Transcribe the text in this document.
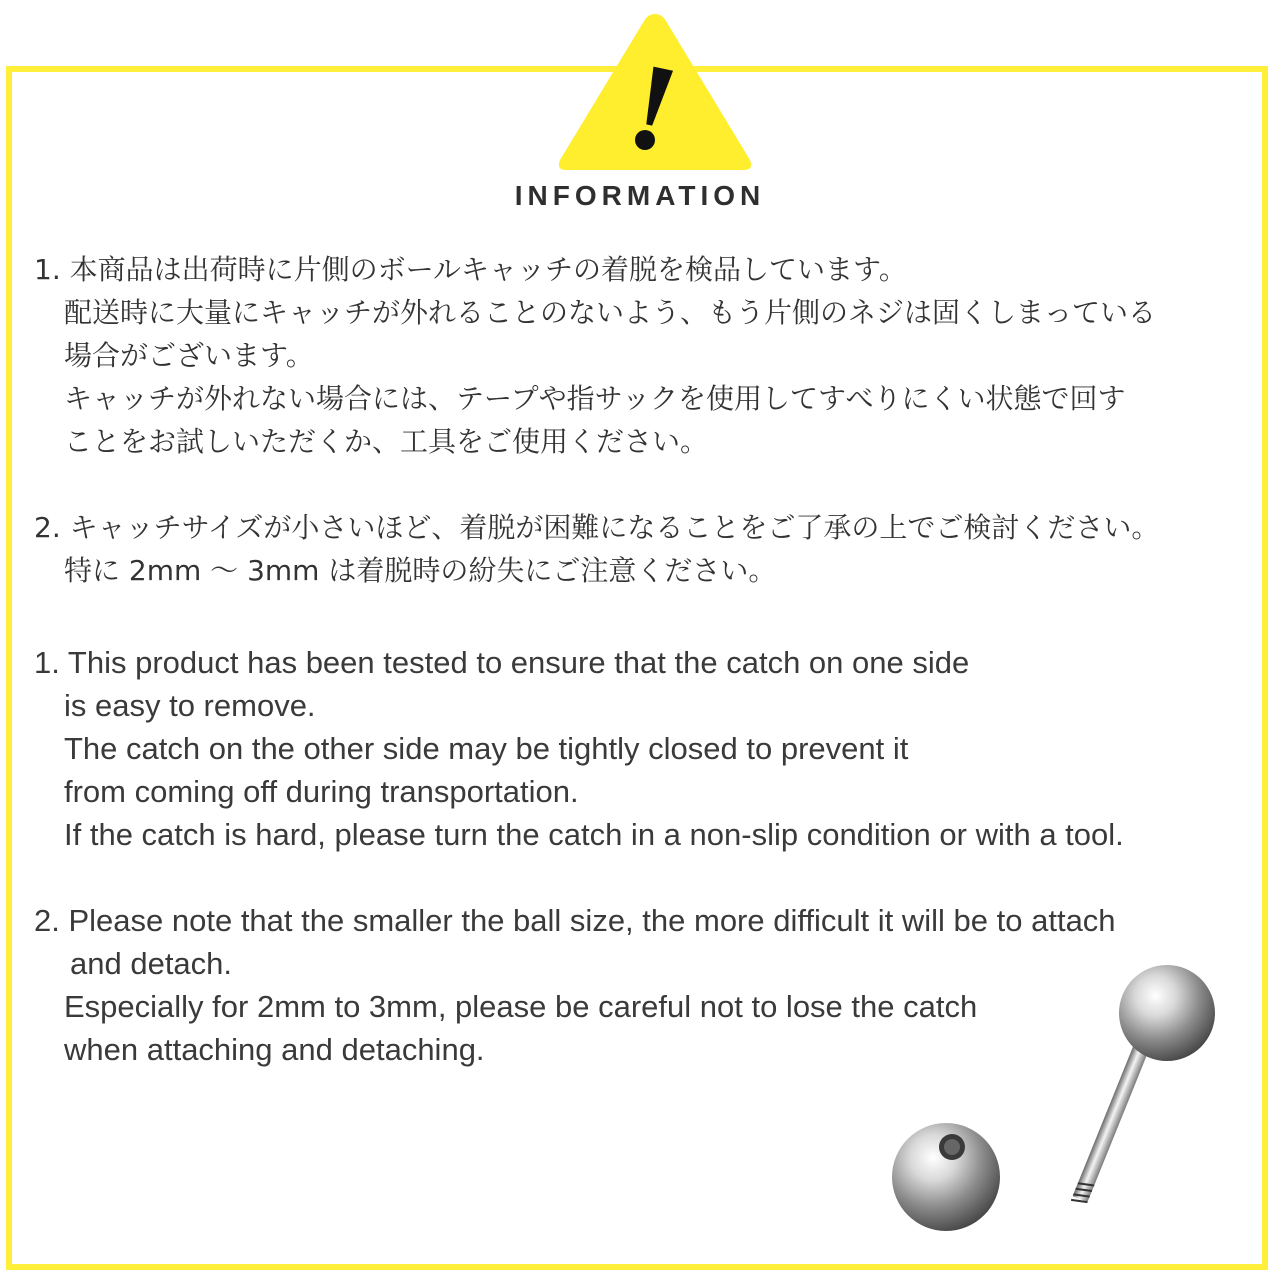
INFORMATION
1. 本商品は出荷時に片側のボールキャッチの着脱を検品しています。
配送時に大量にキャッチが外れることのないよう、もう片側のネジは固くしまっている
場合がございます。
キャッチが外れない場合には、テープや指サックを使用してすべりにくい状態で回す
ことをお試しいただくか、工具をご使用ください。
2. キャッチサイズが小さいほど、着脱が困難になることをご了承の上でご検討ください。
特に 2mm 〜 3mm は着脱時の紛失にご注意ください。
1. This product has been tested to ensure that the catch on one side
is easy to remove.
The catch on the other side may be tightly closed to prevent it
from coming off during transportation.
If the catch is hard, please turn the catch in a non-slip condition or with a tool.
2. Please note that the smaller the ball size, the more difficult it will be to attach
and detach.
Especially for 2mm to 3mm, please be careful not to lose the catch
when attaching and detaching.
